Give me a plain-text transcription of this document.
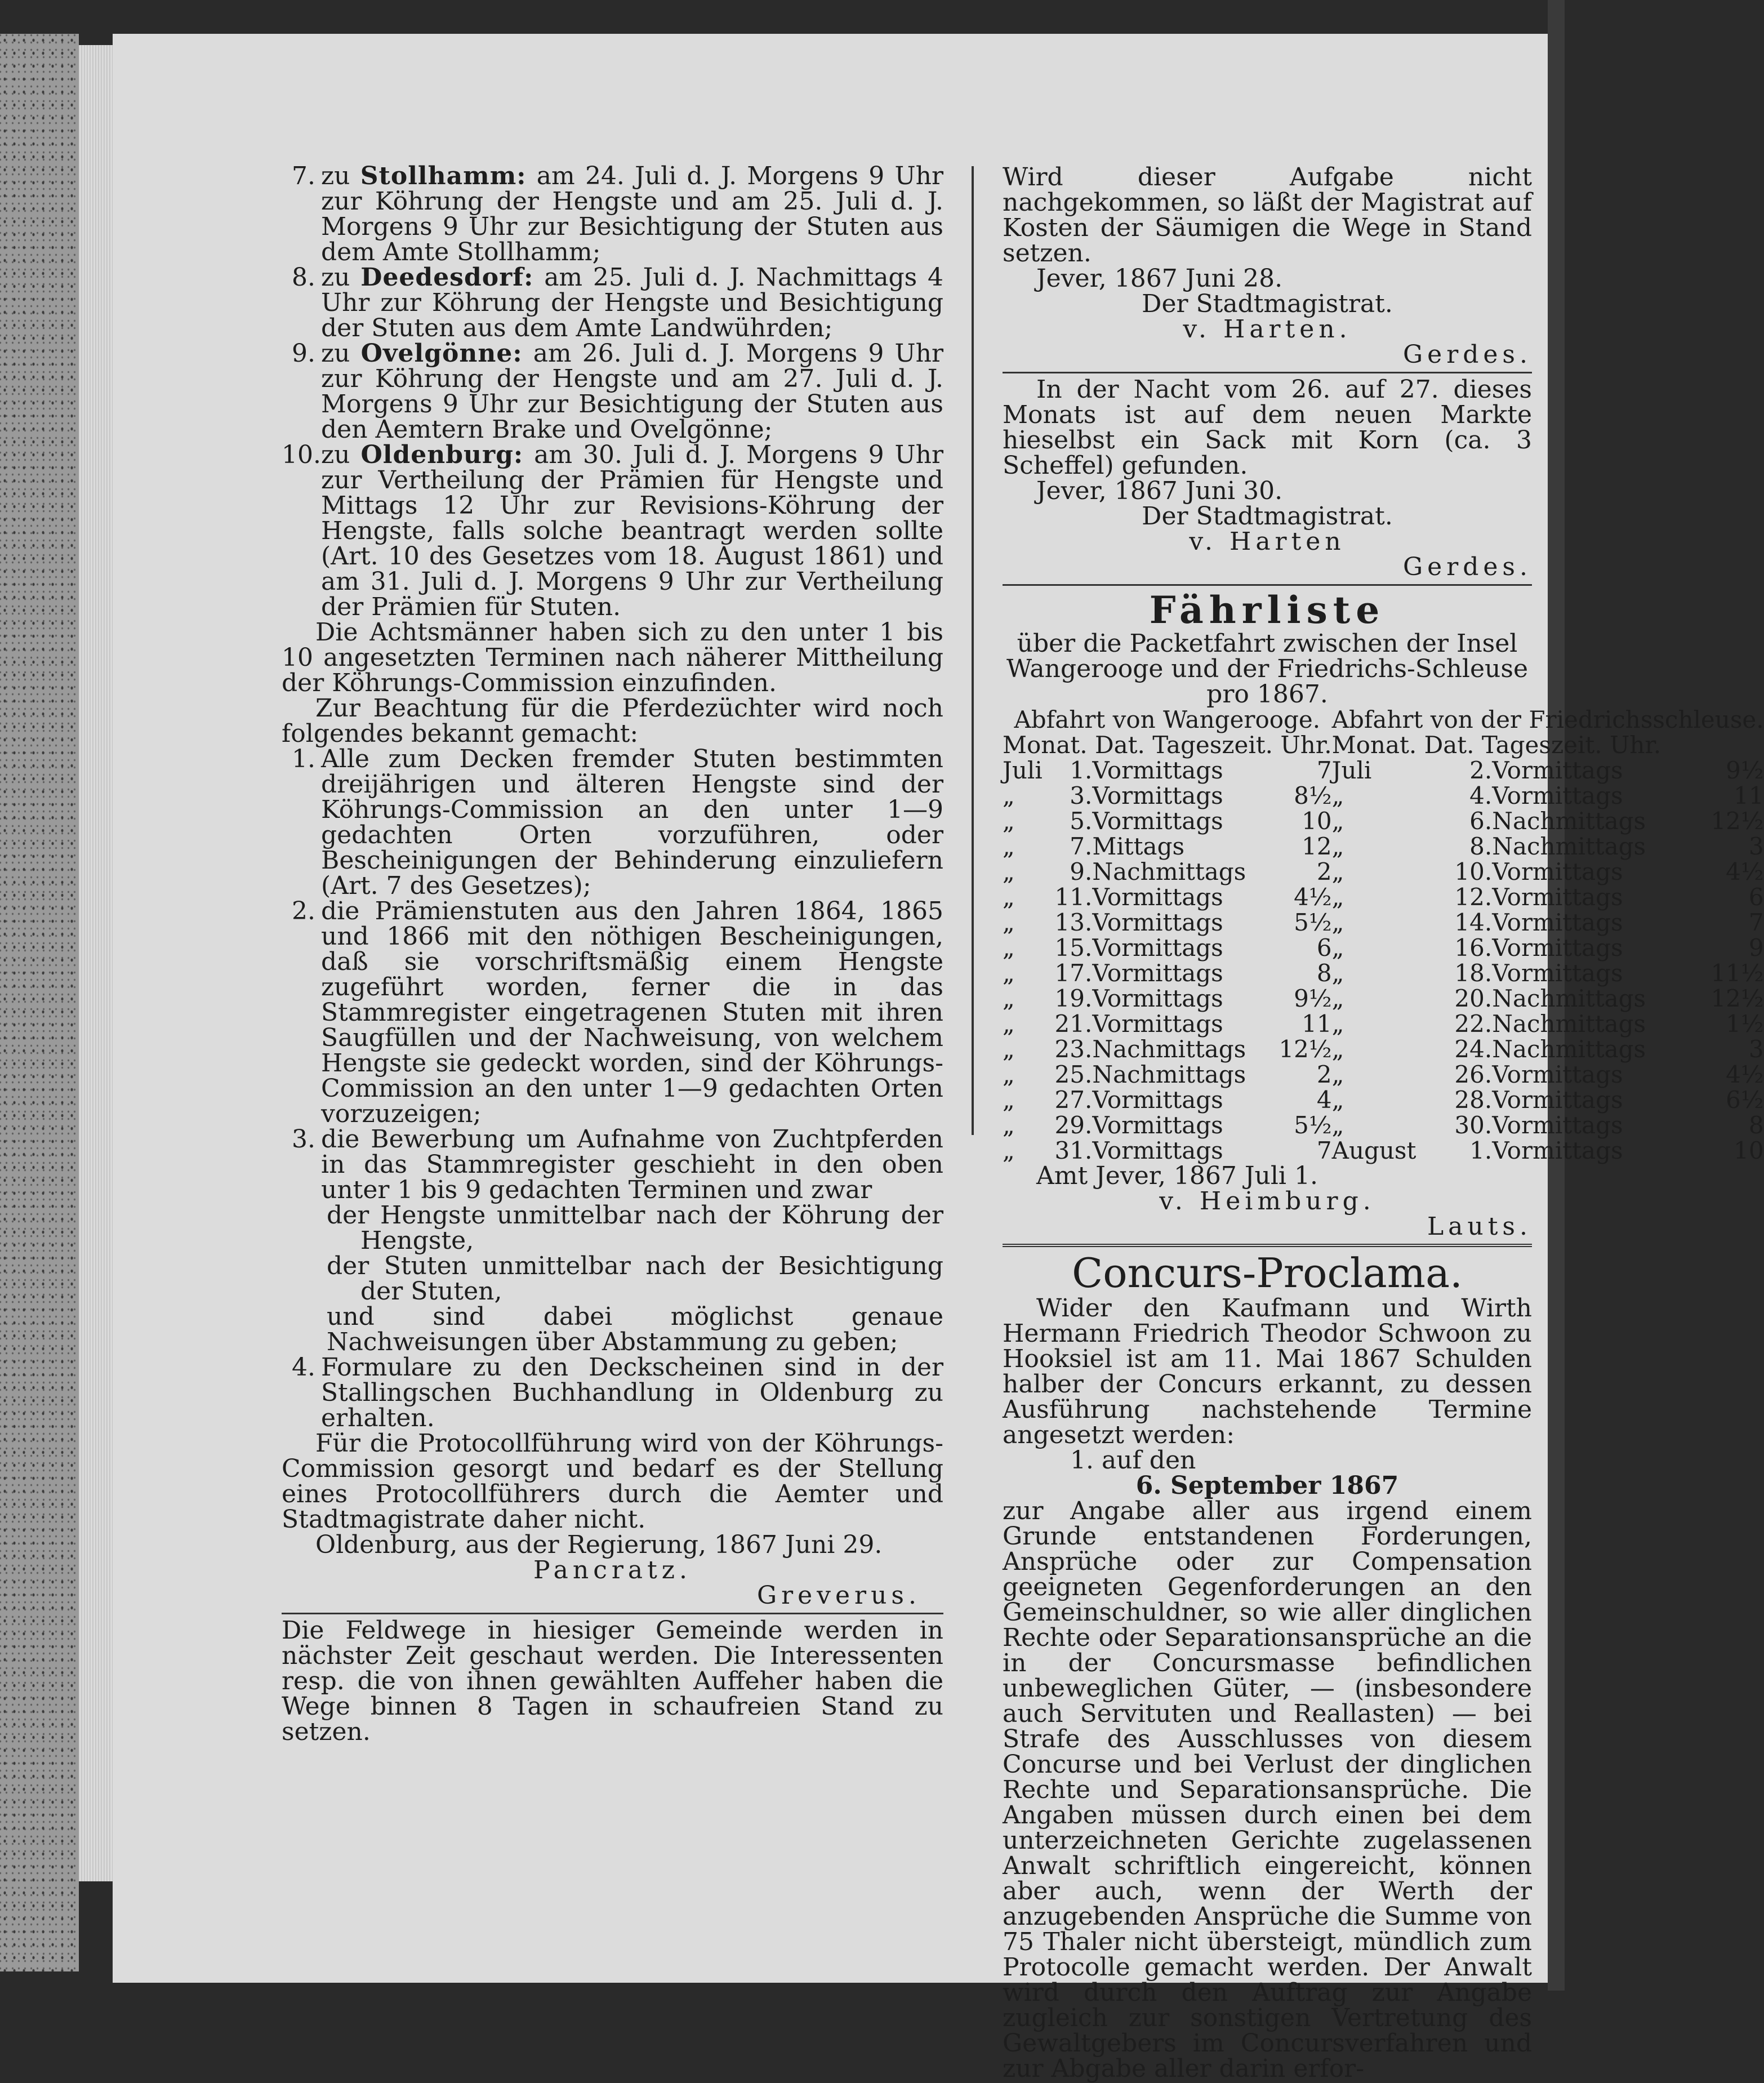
7. zu Stollhamm: am 24. Juli d. J. Morgens 9 Uhr zur Köhrung der Hengste und am 25. Juli d. J. Morgens 9 Uhr zur Besichtigung der Stuten aus dem Amte Stollhamm;

8. zu Deedesdorf: am 25. Juli d. J. Nachmittags 4 Uhr zur Köhrung der Hengste und Besichtigung der Stuten aus dem Amte Landwührden;

9. zu Ovelgönne: am 26. Juli d. J. Morgens 9 Uhr zur Köhrung der Hengste und am 27. Juli d. J. Morgens 9 Uhr zur Besichtigung der Stuten aus den Aemtern Brake und Ovelgönne;

10.zu Oldenburg: am 30. Juli d. J. Morgens 9 Uhr zur Vertheilung der Prämien für Hengste und Mittags 12 Uhr zur Revisions-Köhrung der Hengste, falls solche beantragt werden sollte (Art. 10 des Gesetzes vom 18. August 1861) und am 31. Juli d. J. Morgens 9 Uhr zur Vertheilung der Prämien für Stuten.

Die Achtsmänner haben sich zu den unter 1 bis 10 angesetzten Terminen nach näherer Mittheilung der Köhrungs-Commission einzufinden.

Zur Beachtung für die Pferdezüchter wird noch folgendes bekannt gemacht:

1. Alle zum Decken fremder Stuten bestimmten dreijährigen und älteren Hengste sind der Köhrungs-Commission an den unter 1—9 gedachten Orten vorzuführen, oder Bescheinigungen der Behinderung einzuliefern (Art. 7 des Gesetzes);

2. die Prämienstuten aus den Jahren 1864, 1865 und 1866 mit den nöthigen Bescheinigungen, daß sie vorschriftsmäßig einem Hengste zugeführt worden, ferner die in das Stammregister eingetragenen Stuten mit ihren Saugfüllen und der Nachweisung, von welchem Hengste sie gedeckt worden, sind der Köhrungs-Commission an den unter 1—9 gedachten Orten vorzuzeigen;

3. die Bewerbung um Aufnahme von Zuchtpferden in das Stammregister geschieht in den oben unter 1 bis 9 gedachten Terminen und zwar

der Hengste unmittelbar nach der Köhrung der Hengste,

der Stuten unmittelbar nach der Besichtigung der Stuten,

und sind dabei möglichst genaue Nachweisungen über Abstammung zu geben;

4. Formulare zu den Deckscheinen sind in der Stallingschen Buchhandlung in Oldenburg zu erhalten.

Für die Protocollführung wird von der Köhrungs-Commission gesorgt und bedarf es der Stellung eines Protocollführers durch die Aemter und Stadtmagistrate daher nicht.

Oldenburg, aus der Regierung, 1867 Juni 29.

Pancratz.

Greverus.

Die Feldwege in hiesiger Gemeinde werden in nächster Zeit geschaut werden. Die Interessenten resp. die von ihnen gewählten Auffeher haben die Wege binnen 8 Tagen in schaufreien Stand zu setzen.

Wird dieser Aufgabe nicht nachgekommen, so läßt der Magistrat auf Kosten der Säumigen die Wege in Stand setzen.

Jever, 1867 Juni 28.

Der Stadtmagistrat.

v. Harten.

Gerdes.

In der Nacht vom 26. auf 27. dieses Monats ist auf dem neuen Markte hieselbst ein Sack mit Korn (ca. 3 Scheffel) gefunden.

Jever, 1867 Juni 30.

Der Stadtmagistrat.

v. Harten

Gerdes.

Fährliste

über die Packetfahrt zwischen der Insel Wangerooge und der Friedrichs-Schleuse pro 1867.

Abfahrt von Wangerooge.				Abfahrt von der Friedrichsschleuse.			
Monat. Dat. Tageszeit. Uhr.				Monat. Dat. Tageszeit. Uhr.			
Juli	1.	Vormittags	7	Juli	2.	Vormittags	9½
„	3.	Vormittags	8½	„	4.	Vormittags	11
„	5.	Vormittags	10	„	6.	Nachmittags	12½
„	7.	Mittags	12	„	8.	Nachmittags	3
„	9.	Nachmittags	2	„	10.	Vormittags	4½
„	11.	Vormittags	4½	„	12.	Vormittags	6
„	13.	Vormittags	5½	„	14.	Vormittags	7
„	15.	Vormittags	6	„	16.	Vormittags	9
„	17.	Vormittags	8	„	18.	Vormittags	11½
„	19.	Vormittags	9½	„	20.	Nachmittags	12½
„	21.	Vormittags	11	„	22.	Nachmittags	1½
„	23.	Nachmittags	12½	„	24.	Nachmittags	3
„	25.	Nachmittags	2	„	26.	Vormittags	4½
„	27.	Vormittags	4	„	28.	Vormittags	6½
„	29.	Vormittags	5½	„	30.	Vormittags	8
„	31.	Vormittags	7	August	1.	Vormittags	10

Amt Jever, 1867 Juli 1.

v. Heimburg.

Lauts.

Concurs-Proclama.

Wider den Kaufmann und Wirth Hermann Friedrich Theodor Schwoon zu Hooksiel ist am 11. Mai 1867 Schulden halber der Concurs erkannt, zu dessen Ausführung nachstehende Termine angesetzt werden:

1. auf den

6. September 1867

zur Angabe aller aus irgend einem Grunde entstandenen Forderungen, Ansprüche oder zur Compensation geeigneten Gegenforderungen an den Gemeinschuldner, so wie aller dinglichen Rechte oder Separationsansprüche an die in der Concursmasse befindlichen unbeweglichen Güter, — (insbesondere auch Servituten und Reallasten) — bei Strafe des Ausschlusses von diesem Concurse und bei Verlust der dinglichen Rechte und Separationsansprüche. Die Angaben müssen durch einen bei dem unterzeichneten Gerichte zugelassenen Anwalt schriftlich eingereicht, können aber auch, wenn der Werth der anzugebenden Ansprüche die Summe von 75 Thaler nicht übersteigt, mündlich zum Protocolle gemacht werden. Der Anwalt wird durch den Auftrag zur Angabe zugleich zur sonstigen Vertretung des Gewaltgebers im Concursverfahren und zur Abgabe aller darin erfor-
